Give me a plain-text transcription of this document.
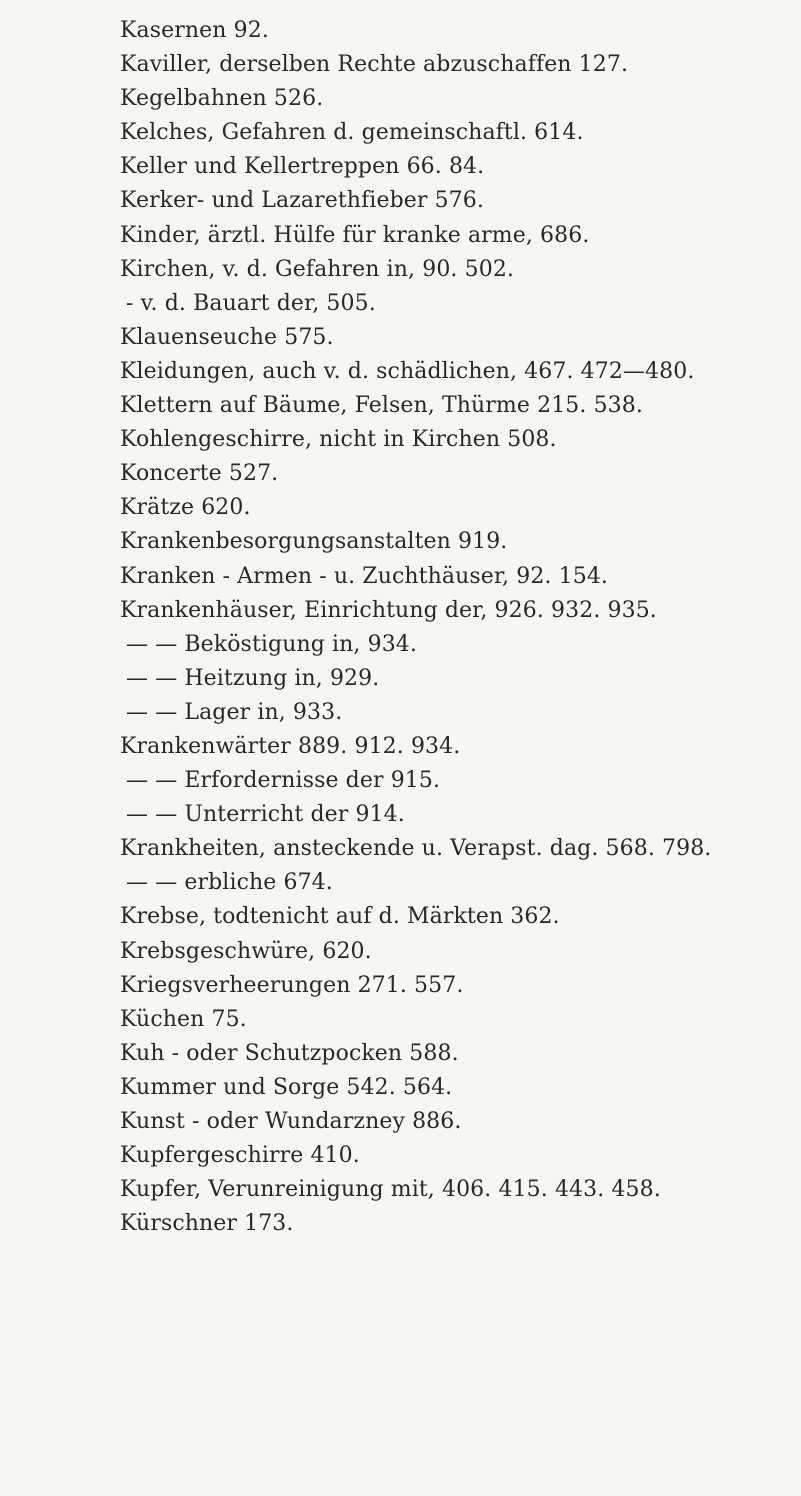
Kasernen 92.
Kaviller, derselben Rechte abzuschaffen 127.
Kegelbahnen 526.
Kelches, Gefahren d. gemeinschaftl. 614.
Keller und Kellertreppen 66. 84.
Kerker- und Lazarethfieber 576.
Kinder, ärztl. Hülfe für kranke arme, 686.
Kirchen, v. d. Gefahren in, 90. 502.
- v. d. Bauart der, 505.
Klauenseuche 575.
Kleidungen, auch v. d. schädlichen, 467. 472—480.
Klettern auf Bäume, Felsen, Thürme 215. 538.
Kohlengeschirre, nicht in Kirchen 508.
Koncerte 527.
Krätze 620.
Krankenbesorgungsanstalten 919.
Kranken - Armen - u. Zuchthäuser, 92. 154.
Krankenhäuser, Einrichtung der, 926. 932. 935.
— — Beköstigung in, 934.
— — Heitzung in, 929.
— — Lager in, 933.
Krankenwärter 889. 912. 934.
— — Erfordernisse der 915.
— — Unterricht der 914.
Krankheiten, ansteckende u. Verapst. dag. 568. 798.
— — erbliche 674.
Krebse, todtenicht auf d. Märkten 362.
Krebsgeschwüre, 620.
Kriegsverheerungen 271. 557.
Küchen 75.
Kuh - oder Schutzpocken 588.
Kummer und Sorge 542. 564.
Kunst - oder Wundarzney 886.
Kupfergeschirre 410.
Kupfer, Verunreinigung mit, 406. 415. 443. 458.
Kürschner 173.
